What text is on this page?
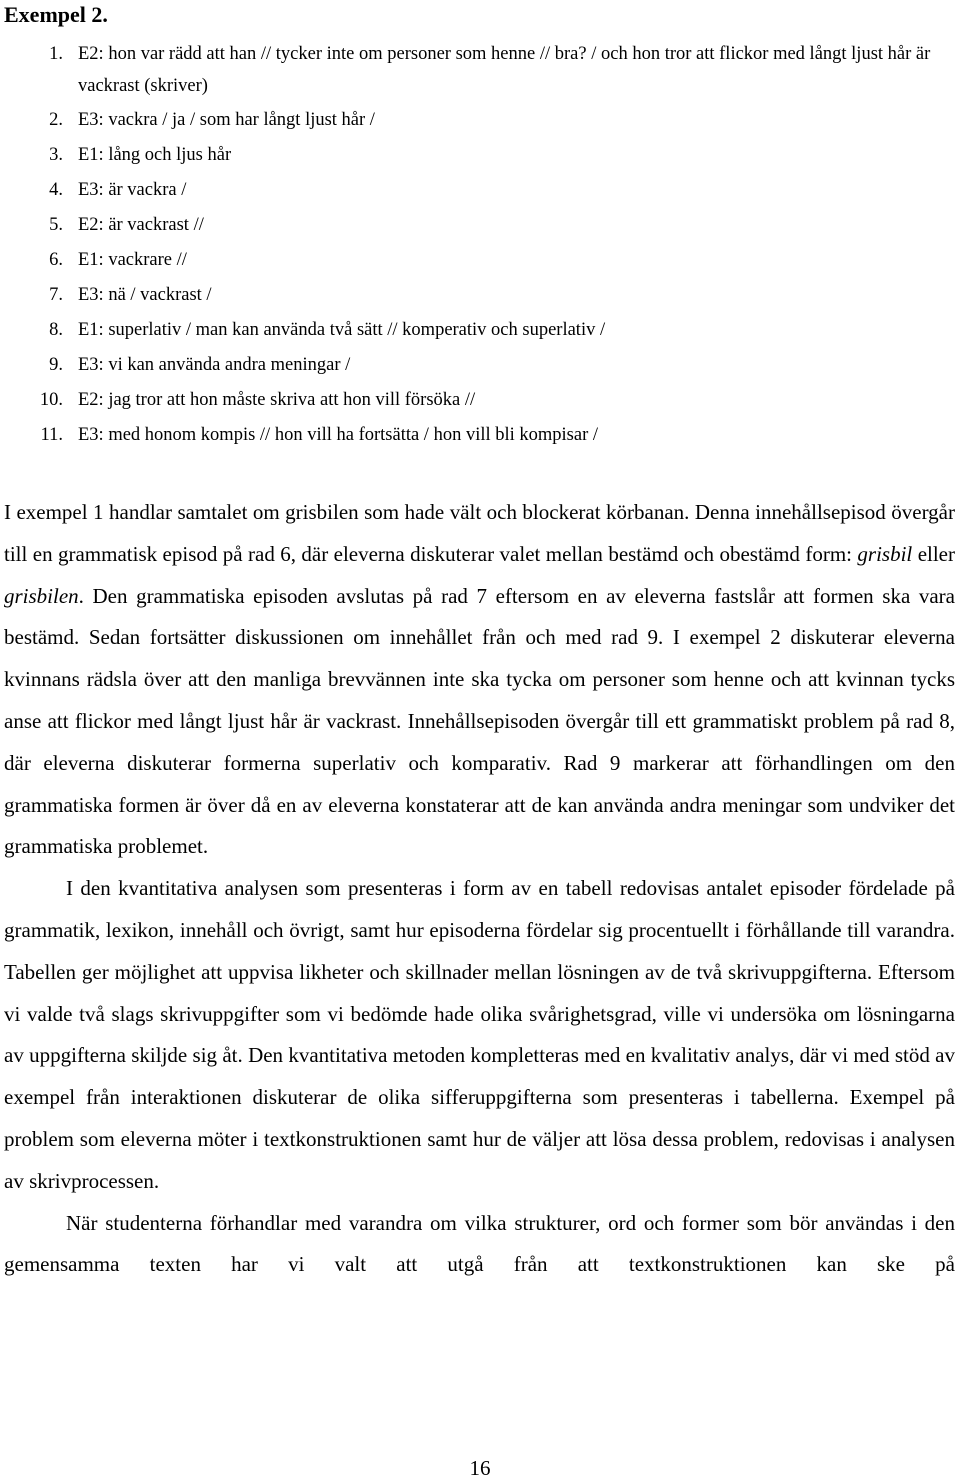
Exempel 2.
1. E2: hon var rädd att han // tycker inte om personer som henne // bra? / och hon tror att flickor med långt ljust hår är vackrast (skriver)
2. E3: vackra / ja / som har långt ljust hår /
3. E1: lång och ljus hår
4. E3: är vackra /
5. E2: är vackrast //
6. E1: vackrare //
7. E3: nä / vackrast /
8. E1: superlativ / man kan använda två sätt // komperativ och superlativ /
9. E3: vi kan använda andra meningar /
10. E2: jag tror att hon måste skriva att hon vill försöka //
11. E3: med honom kompis // hon vill ha fortsätta / hon vill bli kompisar /

I exempel 1 handlar samtalet om grisbilen som hade vält och blockerat körbanan. Denna innehållsepisod övergår till en grammatisk episod på rad 6, där eleverna diskuterar valet mellan bestämd och obestämd form: grisbil eller grisbilen. Den grammatiska episoden avslutas på rad 7 eftersom en av eleverna fastslår att formen ska vara bestämd. Sedan fortsätter diskussionen om innehållet från och med rad 9. I exempel 2 diskuterar eleverna kvinnans rädsla över att den manliga brevvännen inte ska tycka om personer som henne och att kvinnan tycks anse att flickor med långt ljust hår är vackrast. Innehållsepisoden övergår till ett grammatiskt problem på rad 8, där eleverna diskuterar formerna superlativ och komparativ. Rad 9 markerar att förhandlingen om den grammatiska formen är över då en av eleverna konstaterar att de kan använda andra meningar som undviker det grammatiska problemet.

I den kvantitativa analysen som presenteras i form av en tabell redovisas antalet episoder fördelade på grammatik, lexikon, innehåll och övrigt, samt hur episoderna fördelar sig procentuellt i förhållande till varandra. Tabellen ger möjlighet att uppvisa likheter och skillnader mellan lösningen av de två skrivuppgifterna. Eftersom vi valde två slags skrivuppgifter som vi bedömde hade olika svårighetsgrad, ville vi undersöka om lösningarna av uppgifterna skiljde sig åt. Den kvantitativa metoden kompletteras med en kvalitativ analys, där vi med stöd av exempel från interaktionen diskuterar de olika sifferuppgifterna som presenteras i tabellerna. Exempel på problem som eleverna möter i textkonstruktionen samt hur de väljer att lösa dessa problem, redovisas i analysen av skrivprocessen.

När studenterna förhandlar med varandra om vilka strukturer, ord och former som bör användas i den gemensamma texten har vi valt att utgå från att textkonstruktionen kan ske på

16
